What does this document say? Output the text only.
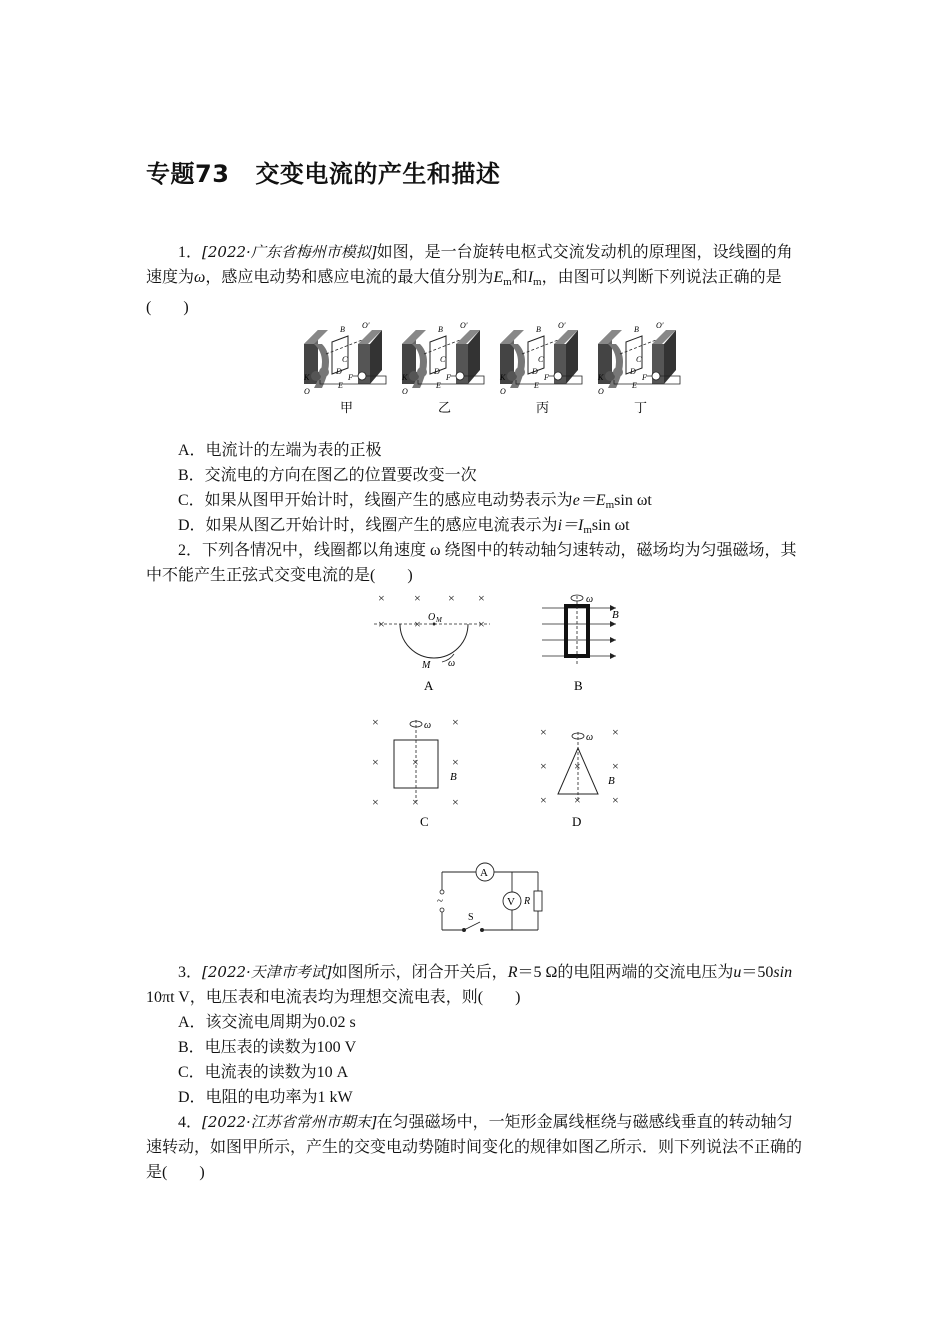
专题73 交变电流的产生和描述
1．[2022·广东省梅州市模拟]如图，是一台旋转电枢式交流发动机的原理图，设线圈的角速度为ω，感应电动势和感应电流的最大值分别为$E_m$和$I_m$，由图可以判断下列说法正确的是(　　)
E
O
K
B O′
C
D
F
甲	乙	丙	丁
A．电流计的左端为表的正极
B．交流电的方向在图乙的位置要改变一次
C．如果从图甲开始计时，线圈产生的感应电动势表示为$e=E_m\sin$ ωt
D．如果从图乙开始计时，线圈产生的感应电流表示为$i=I_m\sin$ ωt
2．下列各情况中，线圈都以角速度 ω 绕图中的转动轴匀速转动，磁场均为匀强磁场，其中不能产生正弦式交变电流的是(　　)
× × × ×
× ×	×
O M
M ω
A
ω
B
B
×	×
×	×	×
×	×	×
ω
B
C
×	×
× ×	×
× ×	×
ω
B
D
A
~
S
V R
3．[2022·天津市考试]如图所示，闭合开关后，R＝5 Ω的电阻两端的交流电压为u＝50sin 10πt V，电压表和电流表均为理想交流电表，则(　　)
A．该交流电周期为0.02 s
B．电压表的读数为100 V
C．电流表的读数为10 A
D．电阻的电功率为1 kW
4．[2022·江苏省常州市期末]在匀强磁场中，一矩形金属线框绕与磁感线垂直的转动轴匀速转动，如图甲所示，产生的交变电动势随时间变化的规律如图乙所示．则下列说法不正确的是(　　)
